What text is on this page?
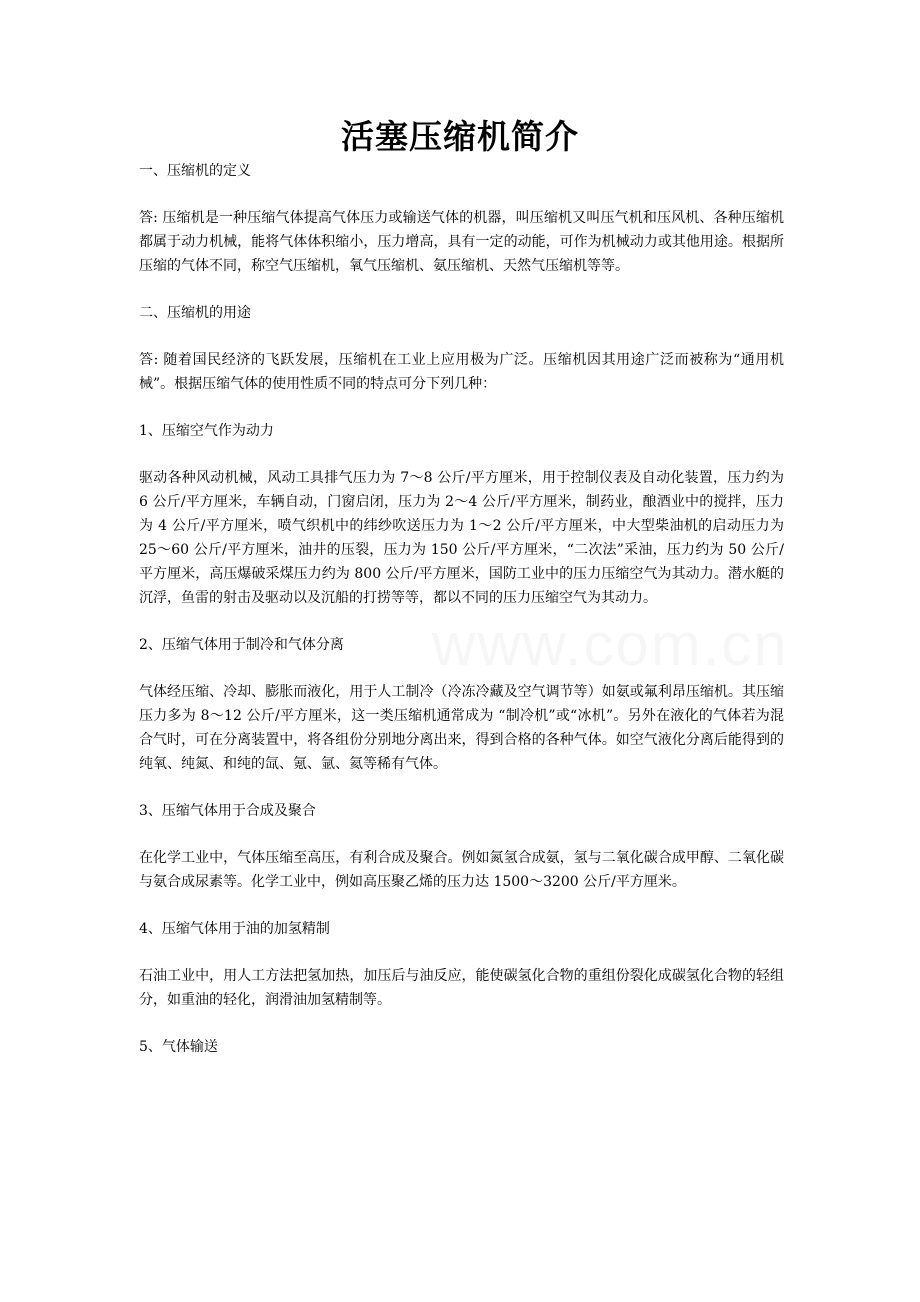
活塞压缩机简介

一、压缩机的定义

答: 压缩机是一种压缩气体提高气体压力或输送气体的机器，叫压缩机又叫压气机和压风机、各种压缩机都属于动力机械，能将气体体积缩小，压力增高，具有一定的动能，可作为机械动力或其他用途。根据所压缩的气体不同，称空气压缩机，氧气压缩机、氨压缩机、天然气压缩机等等。

二、压缩机的用途

答: 随着国民经济的飞跃发展，压缩机在工业上应用极为广泛。压缩机因其用途广泛而被称为“通用机械”。根据压缩气体的使用性质不同的特点可分下列几种：

1、压缩空气作为动力

驱动各种风动机械，风动工具排气压力为 7～8 公斤/平方厘米，用于控制仪表及自动化装置，压力约为 6 公斤/平方厘米，车辆自动，门窗启闭，压力为 2～4 公斤/平方厘米，制药业，酿酒业中的搅拌，压力为 4 公斤/平方厘米，喷气织机中的纬纱吹送压力为 1～2 公斤/平方厘米，中大型柴油机的启动压力为 25～60 公斤/平方厘米，油井的压裂，压力为 150 公斤/平方厘米，“二次法”采油，压力约为 50 公斤/平方厘米，高压爆破采煤压力约为 800 公斤/平方厘米，国防工业中的压力压缩空气为其动力。潜水艇的沉浮，鱼雷的射击及驱动以及沉船的打捞等等，都以不同的压力压缩空气为其动力。

2、压缩气体用于制冷和气体分离

气体经压缩、冷却、膨胀而液化，用于人工制冷（冷冻冷藏及空气调节等）如氨或氟利昂压缩机。其压缩压力多为 8～12 公斤/平方厘米，这一类压缩机通常成为 “制冷机”或“冰机”。另外在液化的气体若为混合气时，可在分离装置中，将各组份分别地分离出来，得到合格的各种气体。如空气液化分离后能得到的纯氧、纯氮、和纯的氙、氪、氩、氦等稀有气体。

3、压缩气体用于合成及聚合

在化学工业中，气体压缩至高压，有利合成及聚合。例如氮氢合成氨，氢与二氧化碳合成甲醇、二氧化碳与氨合成尿素等。化学工业中，例如高压聚乙烯的压力达 1500～3200 公斤/平方厘米。

4、压缩气体用于油的加氢精制

石油工业中，用人工方法把氢加热，加压后与油反应，能使碳氢化合物的重组份裂化成碳氢化合物的轻组分，如重油的轻化，润滑油加氢精制等。

5、气体输送
